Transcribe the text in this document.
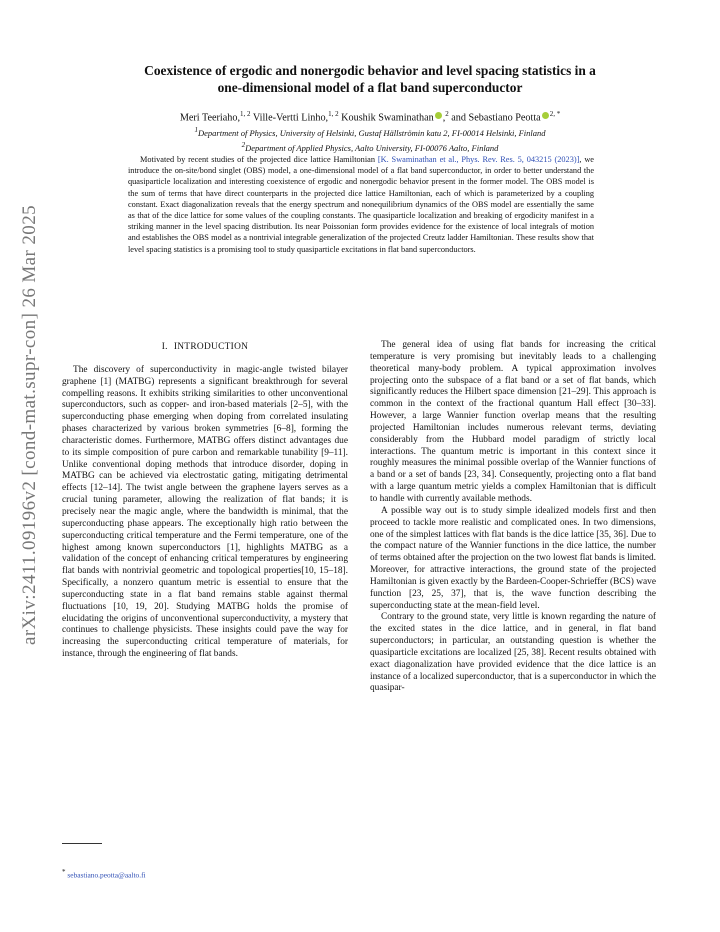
arXiv:2411.09196v2 [cond-mat.supr-con] 26 Mar 2025
Coexistence of ergodic and nonergodic behavior and level spacing statistics in a
one-dimensional model of a flat band superconductor
Meri Teeriaho,$^{1, 2}$ Ville-Vertti Linho,$^{1, 2}$ Koushik Swaminathan ,$^2$ and Sebastiano Peotta $^{2, *}$
$^1$Department of Physics, University of Helsinki, Gustaf Hällströmin katu 2, FI-00014 Helsinki, Finland
$^2$Department of Applied Physics, Aalto University, FI-00076 Aalto, Finland

Motivated by recent studies of the projected dice lattice Hamiltonian [K. Swaminathan et al., Phys. Rev. Res. 5, 043215 (2023)], we introduce the on-site/bond singlet (OBS) model, a one-dimensional model of a flat band superconductor, in order to better understand the quasiparticle localization and interesting coexistence of ergodic and nonergodic behavior present in the former model. The OBS model is the sum of terms that have direct counterparts in the projected dice lattice Hamiltonian, each of which is parameterized by a coupling constant. Exact diagonalization reveals that the energy spectrum and nonequilibrium dynamics of the OBS model are essentially the same as that of the dice lattice for some values of the coupling constants. The quasiparticle localization and breaking of ergodicity manifest in a striking manner in the level spacing distribution. Its near Poissonian form provides evidence for the existence of local integrals of motion and establishes the OBS model as a nontrivial integrable generalization of the projected Creutz ladder Hamiltonian. These results show that level spacing statistics is a promising tool to study quasiparticle excitations in flat band superconductors.

I. INTRODUCTION

The discovery of superconductivity in magic-angle twisted bilayer graphene [1] (MATBG) represents a significant breakthrough for several compelling reasons. It exhibits striking similarities to other unconventional superconductors, such as copper- and iron-based materials [2–5], with the superconducting phase emerging when doping from correlated insulating phases characterized by various broken symmetries [6–8], forming the characteristic domes. Furthermore, MATBG offers distinct advantages due to its simple composition of pure carbon and remarkable tunability [9–11]. Unlike conventional doping methods that introduce disorder, doping in MATBG can be achieved via electrostatic gating, mitigating detrimental effects [12–14]. The twist angle between the graphene layers serves as a crucial tuning parameter, allowing the realization of flat bands; it is precisely near the magic angle, where the bandwidth is minimal, that the superconducting phase appears. The exceptionally high ratio between the superconducting critical temperature and the Fermi temperature, one of the highest among known superconductors [1], highlights MATBG as a validation of the concept of enhancing critical temperatures by engineering flat bands with nontrivial geometric and topological properties[10, 15–18]. Specifically, a nonzero quantum metric is essential to ensure that the superconducting state in a flat band remains stable against thermal fluctuations [10, 19, 20]. Studying MATBG holds the promise of elucidating the origins of unconventional superconductivity, a mystery that continues to challenge physicists. These insights could pave the way for increasing the superconducting critical temperature of materials, for instance, through the engineering of flat bands.

The general idea of using flat bands for increasing the critical temperature is very promising but inevitably leads to a challenging theoretical many-body problem. A typical approximation involves projecting onto the subspace of a flat band or a set of flat bands, which significantly reduces the Hilbert space dimension [21–29]. This approach is common in the context of the fractional quantum Hall effect [30–33]. However, a large Wannier function overlap means that the resulting projected Hamiltonian includes numerous relevant terms, deviating considerably from the Hubbard model paradigm of strictly local interactions. The quantum metric is important in this context since it roughly measures the minimal possible overlap of the Wannier functions of a band or a set of bands [23, 34]. Consequently, projecting onto a flat band with a large quantum metric yields a complex Hamiltonian that is difficult to handle with currently available methods.

A possible way out is to study simple idealized models first and then proceed to tackle more realistic and complicated ones. In two dimensions, one of the simplest lattices with flat bands is the dice lattice [35, 36]. Due to the compact nature of the Wannier functions in the dice lattice, the number of terms obtained after the projection on the two lowest flat bands is limited. Moreover, for attractive interactions, the ground state of the projected Hamiltonian is given exactly by the Bardeen-Cooper-Schrieffer (BCS) wave function [23, 25, 37], that is, the wave function describing the superconducting state at the mean-field level.

Contrary to the ground state, very little is known regarding the nature of the excited states in the dice lattice, and in general, in flat band superconductors; in particular, an outstanding question is whether the quasiparticle excitations are localized [25, 38]. Recent results obtained with exact diagonalization have provided evidence that the dice lattice is an instance of a localized superconductor, that is a superconductor in which the quasipar-

* sebastiano.peotta@aalto.fi
